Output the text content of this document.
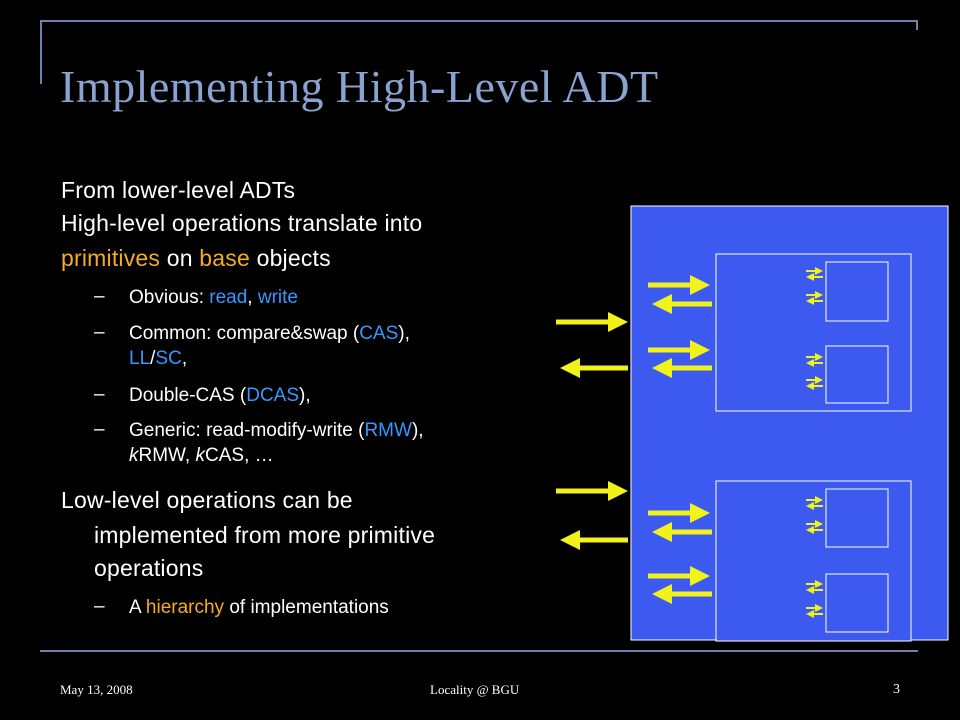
Implementing High-Level ADT
From lower-level ADTs
High-level operations translate into
primitives on base objects
– Obvious: read, write
– Common: compare&swap (CAS),
LL/SC,
– Double-CAS (DCAS),
– Generic: read-modify-write (RMW),
kRMW, kCAS, …
Low-level operations can be
implemented from more primitive
operations
– A hierarchy of implementations
May 13, 2008	Locality @ BGU	3
